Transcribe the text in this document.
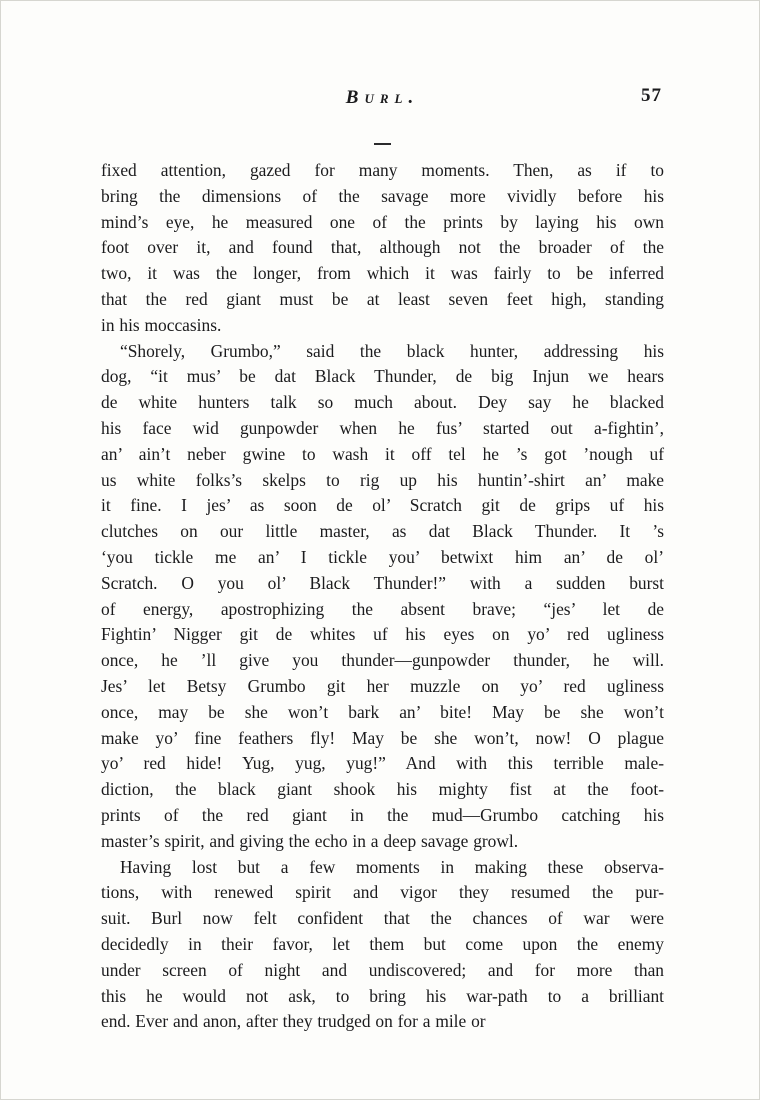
Burl.	57
fixed attention, gazed for many moments. Then, as if to
bring the dimensions of the savage more vividly before his
mind’s eye, he measured one of the prints by laying his own
foot over it, and found that, although not the broader of the
two, it was the longer, from which it was fairly to be inferred
that the red giant must be at least seven feet high, standing
in his moccasins.
“Shorely, Grumbo,” said the black hunter, addressing his
dog, “it mus’ be dat Black Thunder, de big Injun we hears
de white hunters talk so much about. Dey say he blacked
his face wid gunpowder when he fus’ started out a-fightin’,
an’ ain’t neber gwine to wash it off tel he ’s got ’nough uf
us white folks’s skelps to rig up his huntin’-shirt an’ make
it fine. I jes’ as soon de ol’ Scratch git de grips uf his
clutches on our little master, as dat Black Thunder. It ’s
‘you tickle me an’ I tickle you’ betwixt him an’ de ol’
Scratch. O you ol’ Black Thunder!” with a sudden burst
of energy, apostrophizing the absent brave; “jes’ let de
Fightin’ Nigger git de whites uf his eyes on yo’ red ugliness
once, he ’ll give you thunder—gunpowder thunder, he will.
Jes’ let Betsy Grumbo git her muzzle on yo’ red ugliness
once, may be she won’t bark an’ bite! May be she won’t
make yo’ fine feathers fly! May be she won’t, now! O plague
yo’ red hide! Yug, yug, yug!” And with this terrible male-
diction, the black giant shook his mighty fist at the foot-
prints of the red giant in the mud—Grumbo catching his
master’s spirit, and giving the echo in a deep savage growl.
Having lost but a few moments in making these observa-
tions, with renewed spirit and vigor they resumed the pur-
suit. Burl now felt confident that the chances of war were
decidedly in their favor, let them but come upon the enemy
under screen of night and undiscovered; and for more than
this he would not ask, to bring his war-path to a brilliant
end. Ever and anon, after they trudged on for a mile or
